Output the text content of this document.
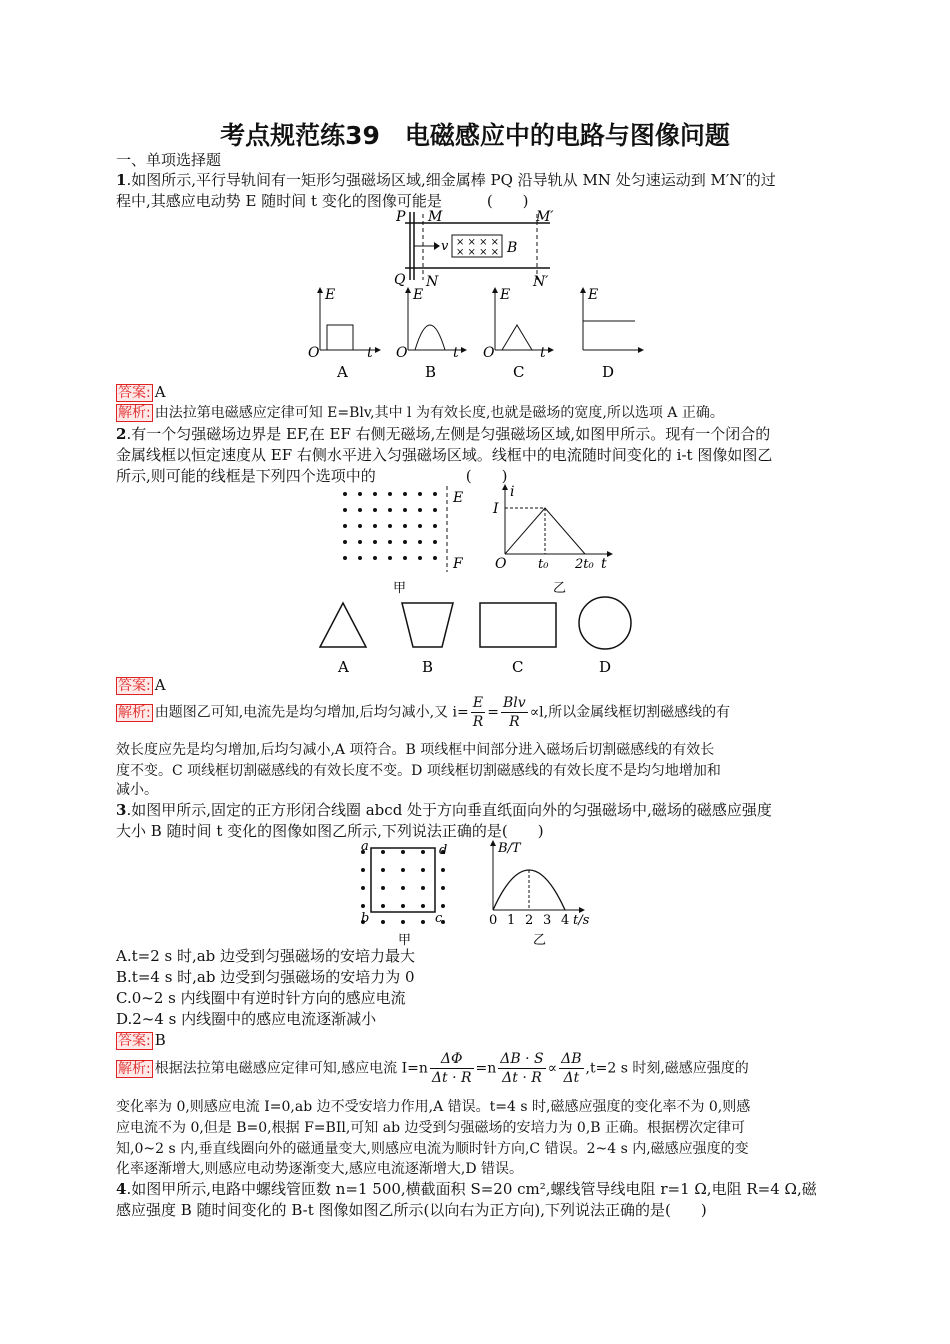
考点规范练39　电磁感应中的电路与图像问题
一、单项选择题
1.如图所示,平行导轨间有一矩形匀强磁场区域,细金属棒 PQ 沿导轨从 MN 处匀速运动到 M′N′的过
程中,其感应电动势 E 随时间 t 变化的图像可能是　　　(　　)
P M	M′
Q N	N′
v	B
× × × ×
× × × ×
E
O	t
A
E
O	t
B
E
O	t
C
E
D
答案: A
解析: 由法拉第电磁感应定律可知 E=Blv,其中 l 为有效长度,也就是磁场的宽度,所以选项 A 正确。
2.有一个匀强磁场边界是 EF,在 EF 右侧无磁场,左侧是匀强磁场区域,如图甲所示。现有一个闭合的
金属线框以恒定速度从 EF 右侧水平进入匀强磁场区域。线框中的电流随时间变化的 i-t 图像如图乙
所示,则可能的线框是下列四个选项中的　　　　　　(　　)
E
F
甲
i
I
O t₀ 2t₀ t
乙
A	B	C	D
答案: A
解析: 由题图乙可知,电流先是均匀增加,后均匀减小,又 $i= \frac{E}{R} = \frac{\text{Blv}}{R} \propto l$,所以金属线框切割磁感线的有
效长度应先是均匀增加,后均匀减小,A 项符合。B 项线框中间部分进入磁场后切割磁感线的有效长
度不变。C 项线框切割磁感线的有效长度不变。D 项线框切割磁感线的有效长度不是均匀地增加和
减小。
3.如图甲所示,固定的正方形闭合线圈 abcd 处于方向垂直纸面向外的匀强磁场中,磁场的磁感应强度
大小 B 随时间 t 变化的图像如图乙所示,下列说法正确的是(　　)
a	d
b	c
甲
B/T
0 1 2 3 4 t/s
乙
A.t=2 s 时,ab 边受到匀强磁场的安培力最大
B.t=4 s 时,ab 边受到匀强磁场的安培力为 0
C.0~2 s 内线圈中有逆时针方向的感应电流
D.2~4 s 内线圈中的感应电流逐渐减小
答案: B
解析: 根据法拉第电磁感应定律可知,感应电流 $I=n \frac{\Delta\Phi}{\Delta t \cdot R} =n \frac{\Delta B \cdot S}{\Delta t \cdot R} \propto \frac{\Delta B}{\Delta t} ,t=2$ s 时刻,磁感应强度的
变化率为 0,则感应电流 I=0,ab 边不受安培力作用,A 错误。t=4 s 时,磁感应强度的变化率不为 0,则感
应电流不为 0,但是 B=0,根据 F=BIl,可知 ab 边受到匀强磁场的安培力为 0,B 正确。根据楞次定律可
知,0~2 s 内,垂直线圈向外的磁通量变大,则感应电流为顺时针方向,C 错误。2~4 s 内,磁感应强度的变
化率逐渐增大,则感应电动势逐渐变大,感应电流逐渐增大,D 错误。
4.如图甲所示,电路中螺线管匝数 n=1 500,横截面积 S=20 cm²,螺线管导线电阻 r=1 Ω,电阻 R=4 Ω,磁
感应强度 B 随时间变化的 B-t 图像如图乙所示(以向右为正方向),下列说法正确的是(　　)
